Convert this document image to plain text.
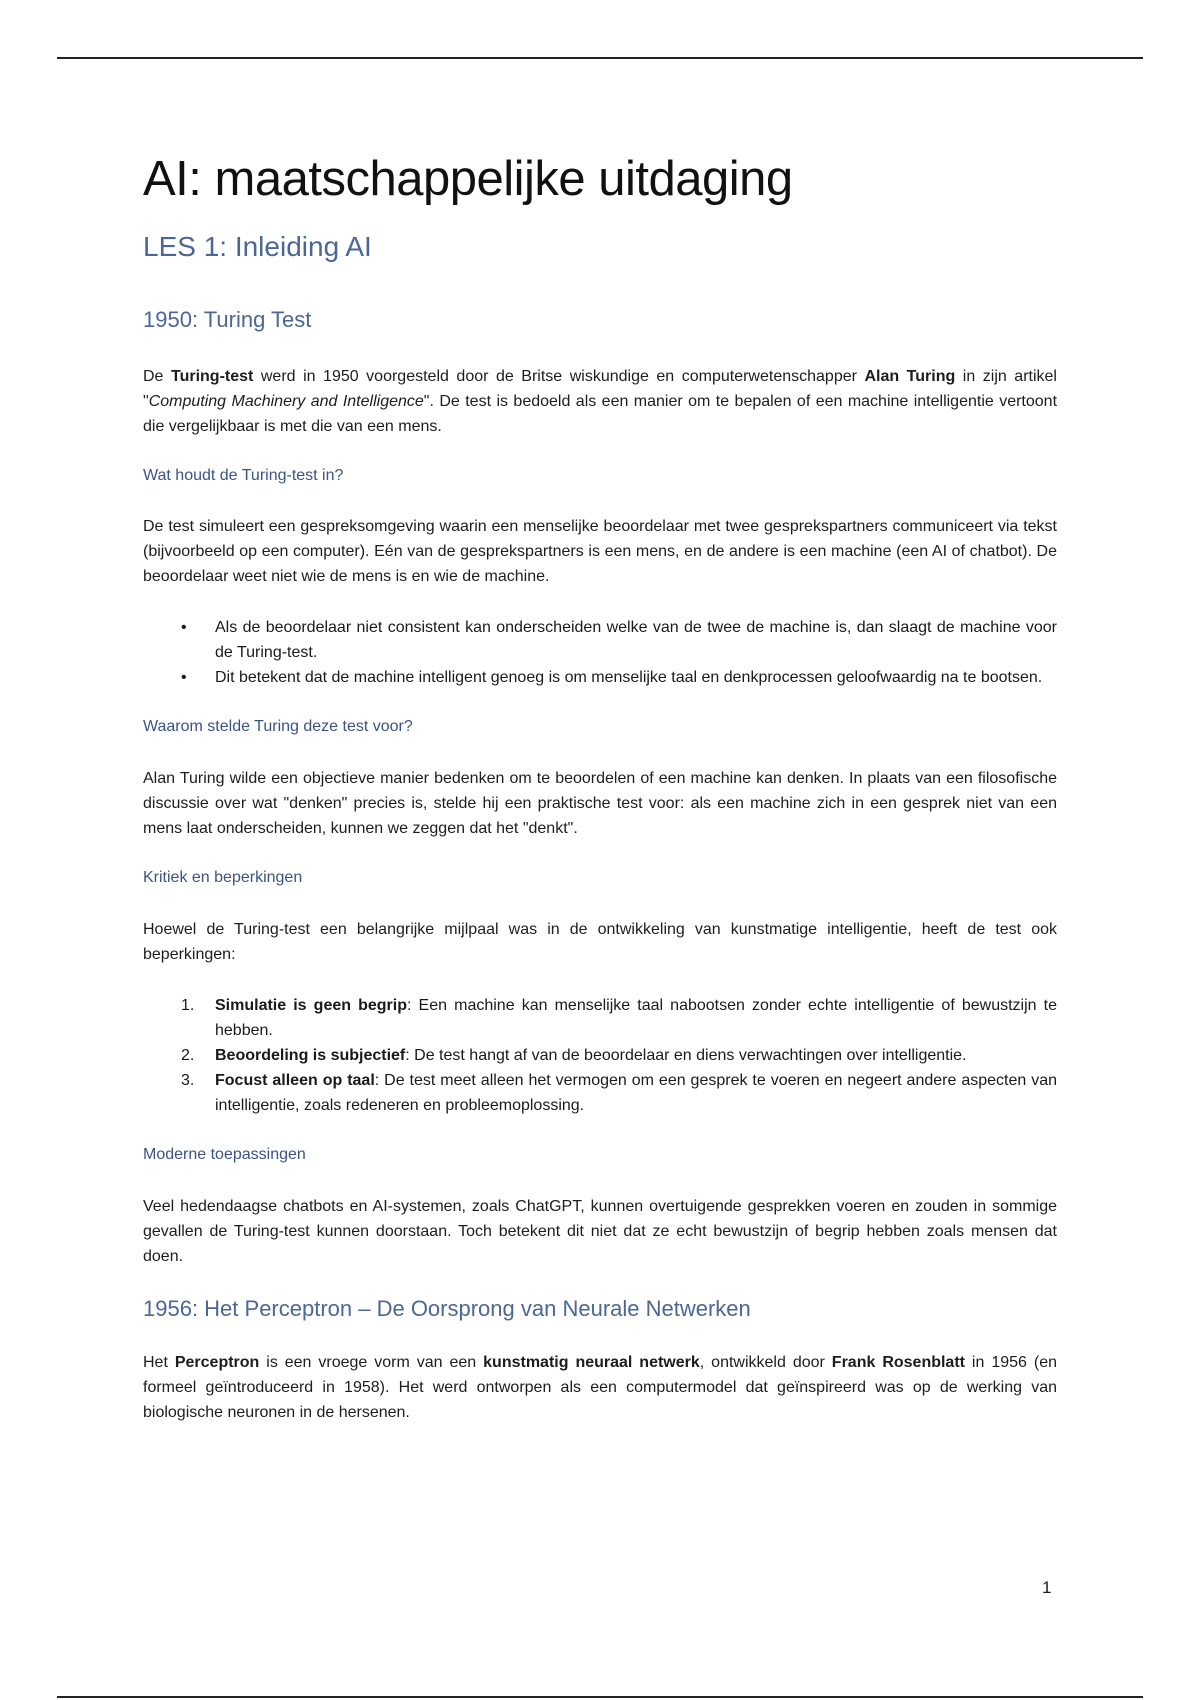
AI: maatschappelijke uitdaging
LES 1: Inleiding AI
1950: Turing Test

De Turing-test werd in 1950 voorgesteld door de Britse wiskundige en computerwetenschapper Alan Turing in zijn artikel "Computing Machinery and Intelligence". De test is bedoeld als een manier om te bepalen of een machine intelligentie vertoont die vergelijkbaar is met die van een mens.

Wat houdt de Turing-test in?

De test simuleert een gespreksomgeving waarin een menselijke beoordelaar met twee gesprekspartners communiceert via tekst (bijvoorbeeld op een computer). Eén van de gesprekspartners is een mens, en de andere is een machine (een AI of chatbot). De beoordelaar weet niet wie de mens is en wie de machine.

• Als de beoordelaar niet consistent kan onderscheiden welke van de twee de machine is, dan slaagt de machine voor de Turing-test.
• Dit betekent dat de machine intelligent genoeg is om menselijke taal en denkprocessen geloofwaardig na te bootsen.
Waarom stelde Turing deze test voor?

Alan Turing wilde een objectieve manier bedenken om te beoordelen of een machine kan denken. In plaats van een filosofische discussie over wat "denken" precies is, stelde hij een praktische test voor: als een machine zich in een gesprek niet van een mens laat onderscheiden, kunnen we zeggen dat het "denkt".

Kritiek en beperkingen

Hoewel de Turing-test een belangrijke mijlpaal was in de ontwikkeling van kunstmatige intelligentie, heeft de test ook beperkingen:

1. Simulatie is geen begrip: Een machine kan menselijke taal nabootsen zonder echte intelligentie of bewustzijn te hebben.
2. Beoordeling is subjectief: De test hangt af van de beoordelaar en diens verwachtingen over intelligentie.
3. Focust alleen op taal: De test meet alleen het vermogen om een gesprek te voeren en negeert andere aspecten van intelligentie, zoals redeneren en probleemoplossing.
Moderne toepassingen

Veel hedendaagse chatbots en AI-systemen, zoals ChatGPT, kunnen overtuigende gesprekken voeren en zouden in sommige gevallen de Turing-test kunnen doorstaan. Toch betekent dit niet dat ze echt bewustzijn of begrip hebben zoals mensen dat doen.

1956: Het Perceptron – De Oorsprong van Neurale Netwerken

Het Perceptron is een vroege vorm van een kunstmatig neuraal netwerk, ontwikkeld door Frank Rosenblatt in 1956 (en formeel geïntroduceerd in 1958). Het werd ontworpen als een computermodel dat geïnspireerd was op de werking van biologische neuronen in de hersenen.

1
